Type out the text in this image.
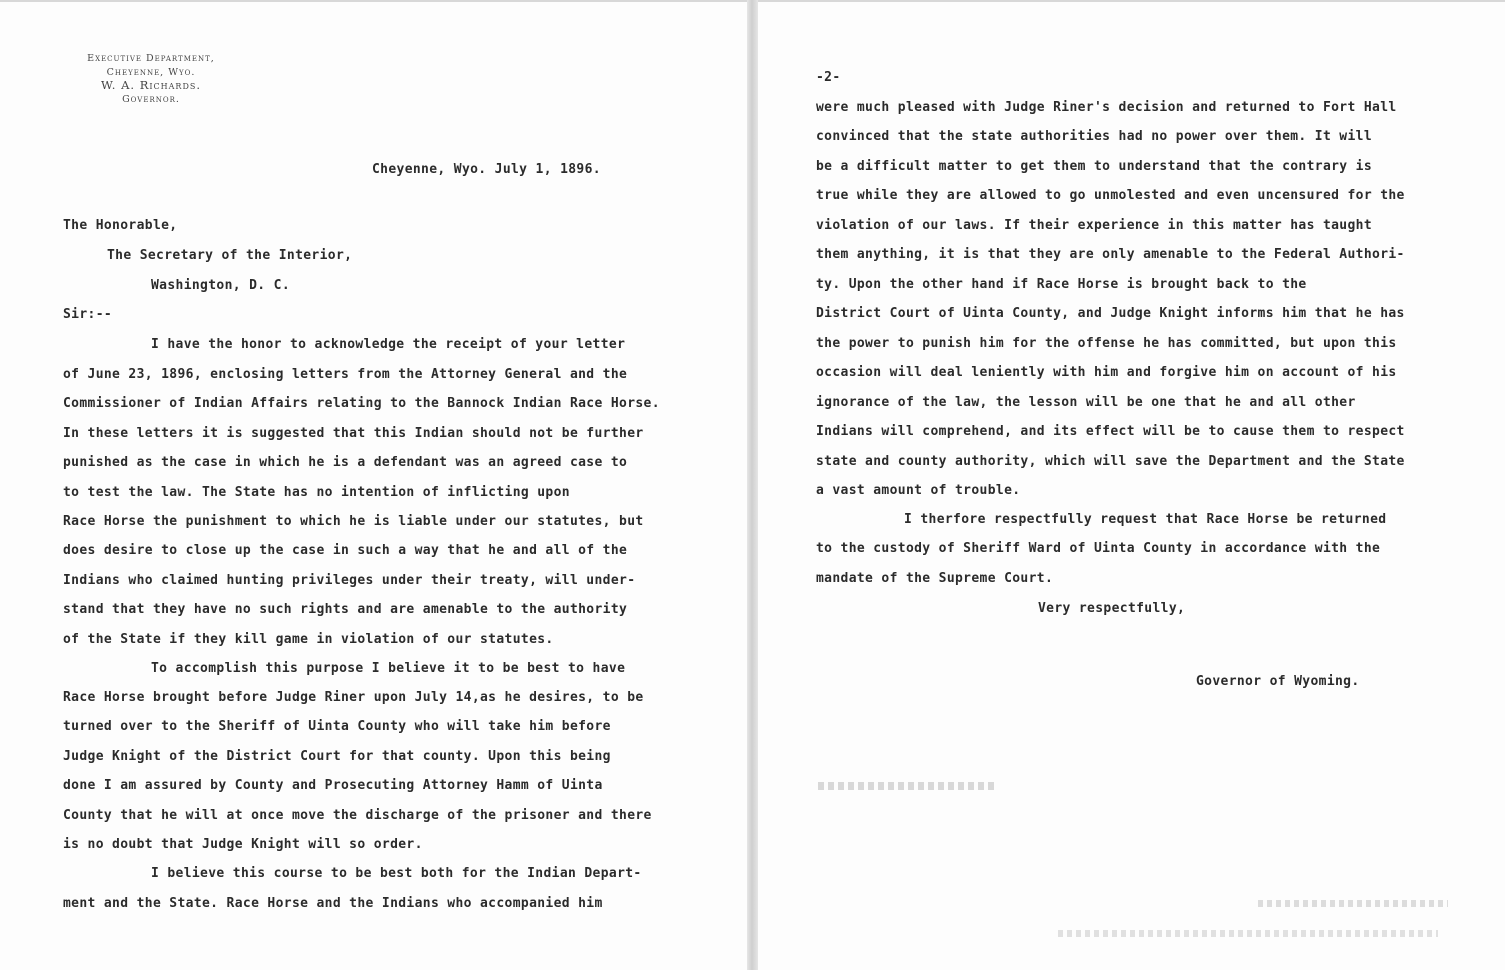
Executive Department,
Cheyenne, Wyo.
W. A. Richards.
Governor.
Cheyenne, Wyo. July 1, 1896.
The Honorable,
The Secretary of the Interior,
Washington, D. C.
Sir:--
I have the honor to acknowledge the receipt of your letter
of June 23, 1896, enclosing letters from the Attorney General and the
Commissioner of Indian Affairs relating to the Bannock Indian Race Horse.
In these letters it is suggested that this Indian should not be further
punished as the case in which he is a defendant was an agreed case to
to test the law. The State has no intention of inflicting upon
Race Horse the punishment to which he is liable under our statutes, but
does desire to close up the case in such a way that he and all of the
Indians who claimed hunting privileges under their treaty, will under-
stand that they have no such rights and are amenable to the authority
of the State if they kill game in violation of our statutes.
To accomplish this purpose I believe it to be best to have
Race Horse brought before Judge Riner upon July 14,as he desires, to be
turned over to the Sheriff of Uinta County who will take him before
Judge Knight of the District Court for that county. Upon this being
done I am assured by County and Prosecuting Attorney Hamm of Uinta
County that he will at once move the discharge of the prisoner and there
is no doubt that Judge Knight will so order.
I believe this course to be best both for the Indian Depart-
ment and the State. Race Horse and the Indians who accompanied him
-2-
were much pleased with Judge Riner's decision and returned to Fort Hall
convinced that the state authorities had no power over them. It will
be a difficult matter to get them to understand that the contrary is
true while they are allowed to go unmolested and even uncensured for the
violation of our laws. If their experience in this matter has taught
them anything, it is that they are only amenable to the Federal Authori-
ty. Upon the other hand if Race Horse is brought back to the
District Court of Uinta County, and Judge Knight informs him that he has
the power to punish him for the offense he has committed, but upon this
occasion will deal leniently with him and forgive him on account of his
ignorance of the law, the lesson will be one that he and all other
Indians will comprehend, and its effect will be to cause them to respect
state and county authority, which will save the Department and the State
a vast amount of trouble.
I therfore respectfully request that Race Horse be returned
to the custody of Sheriff Ward of Uinta County in accordance with the
mandate of the Supreme Court.
Very respectfully,
Governor of Wyoming.
